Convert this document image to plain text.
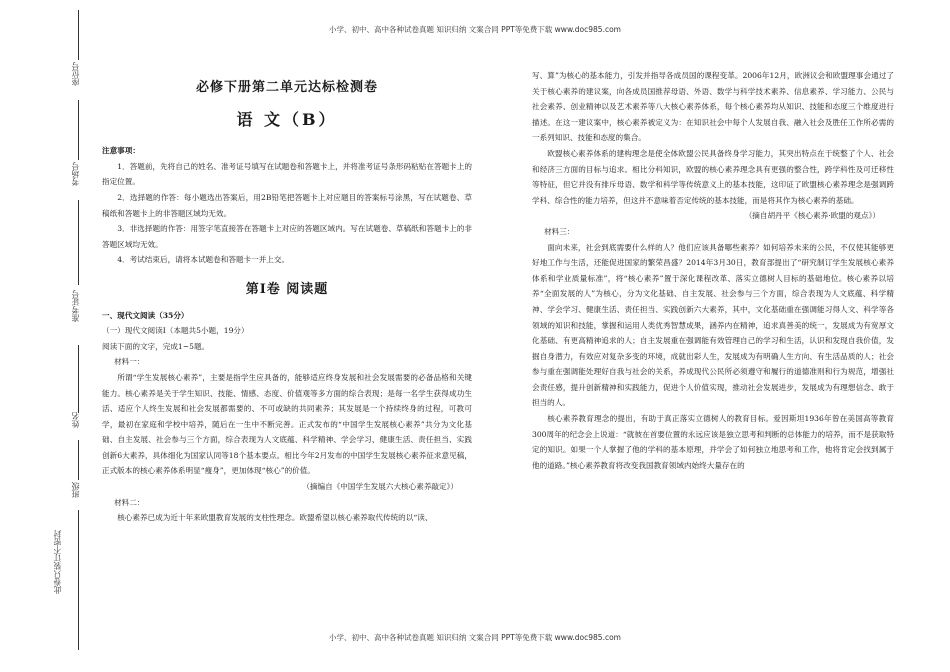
小学、初中、高中各种试卷真题 知识归纳 文案合同 PPT等免费下载 www.doc985.com
座位号
考场号
准考证号
姓名
班级
此卷只装订不密封
必修下册第二单元达标检测卷
语 文（B）
注意事项：

1．答题前，先将自己的姓名、准考证号填写在试题卷和答题卡上，并将准考证号条形码粘贴在答题卡上的指定位置。

2．选择题的作答：每小题选出答案后，用2B铅笔把答题卡上对应题目的答案标号涂黑，写在试题卷、草稿纸和答题卡上的非答题区域均无效。

3．非选择题的作答：用签字笔直接答在答题卡上对应的答题区域内。写在试题卷、草稿纸和答题卡上的非答题区域均无效。

4．考试结束后，请将本试题卷和答题卡一并上交。

第Ⅰ卷 阅读题
一、现代文阅读（35分）

（一）现代文阅读Ⅰ（本题共5小题，19分）

阅读下面的文字，完成1~5题。

材料一：

所谓“学生发展核心素养”，主要是指学生应具备的，能够适应终身发展和社会发展需要的必备品格和关键能力。核心素养是关于学生知识、技能、情感、态度、价值观等多方面的综合表现；是每一名学生获得成功生活、适应个人终生发展和社会发展都需要的、不可或缺的共同素养；其发展是一个持续终身的过程，可教可学，最初在家庭和学校中培养，随后在一生中不断完善。正式发布的“中国学生发展核心素养”共分为文化基础、自主发展、社会参与三个方面，综合表现为人文底蕴、科学精神、学会学习、健康生活、责任担当、实践创新6大素养，具体细化为国家认同等18个基本要点。相比今年2月发布的中国学生发展核心素养征求意见稿，正式版本的核心素养体系明显“瘦身”，更加体现“核心”的价值。

（摘编自《中国学生发展六大核心素养敲定》）
材料二：

核心素养已成为近十年来欧盟教育发展的支柱性理念。欧盟希望以核心素养取代传统的以“读、

写、算”为核心的基本能力，引发并指导各成员国的课程变革。2006年12月，欧洲议会和欧盟理事会通过了关于核心素养的建议案，向各成员国推荐母语、外语、数学与科学技术素养、信息素养、学习能力、公民与社会素养、创业精神以及艺术素养等八大核心素养体系，每个核心素养均从知识、技能和态度三个维度进行描述。在这一建议案中，核心素养被定义为：在知识社会中每个人发展自我、融入社会及胜任工作所必需的一系列知识、技能和态度的集合。

欧盟核心素养体系的建构理念是使全体欧盟公民具备终身学习能力，其突出特点在于统整了个人、社会和经济三方面的目标与追求。相比分科知识，欧盟的核心素养理念具有更强的整合性，跨学科性及可迁移性等特征，但它并没有排斥母语、数学和科学等传统意义上的基本技能，这印证了欧盟核心素养理念是强调跨学科、综合性的能力培养，但这并不意味着否定传统的基本技能，而是将其作为核心素养的基础。

（摘自胡丹平《核心素养·欧盟的观点》）
材料三：

面向未来，社会到底需要什么样的人？他们应该具备哪些素养？如何培养未来的公民，不仅使其能够更好地工作与生活，还能促进国家的繁荣昌盛？2014年3月30日，教育部提出了“研究制订学生发展核心素养体系和学业质量标准”，将“核心素养”置于深化课程改革、落实立德树人目标的基础地位。核心素养以培养“全面发展的人”为核心，分为文化基础、自主发展、社会参与三个方面，综合表现为人文底蕴、科学精神、学会学习、健康生活、责任担当、实践创新六大素养，其中，文化基础重在强调能习得人文、科学等各领域的知识和技能，掌握和运用人类优秀智慧成果，涵养内在精神，追求真善美的统一，发展成为有宽厚文化基础、有更高精神追求的人；自主发展重在强调能有效管理自己的学习和生活，认识和发现自我价值，发掘自身潜力，有效应对复杂多变的环境，成就出彩人生，发展成为有明确人生方向、有生活品质的人；社会参与重在强调能处理好自我与社会的关系，养成现代公民所必须遵守和履行的道德准则和行为规范，增强社会责任感，提升创新精神和实践能力，促进个人价值实现，推动社会发展进步，发展成为有理想信念、敢于担当的人。

核心素养教育理念的提出，有助于真正落实立德树人的教育目标。爱因斯坦1936年曾在美国高等教育300周年的纪念会上说道：“就彼在首要位置的永远应该是独立思考和判断的总体能力的培养，而不是获取特定的知识。如果一个人掌握了他的学科的基本原理，并学会了如何独立地思考和工作，他将肯定会找到属于他的道路。”核心素养教育将改变我国教育领域内始终大量存在的

小学、初中、高中各种试卷真题 知识归纳 文案合同 PPT等免费下载 www.doc985.com
